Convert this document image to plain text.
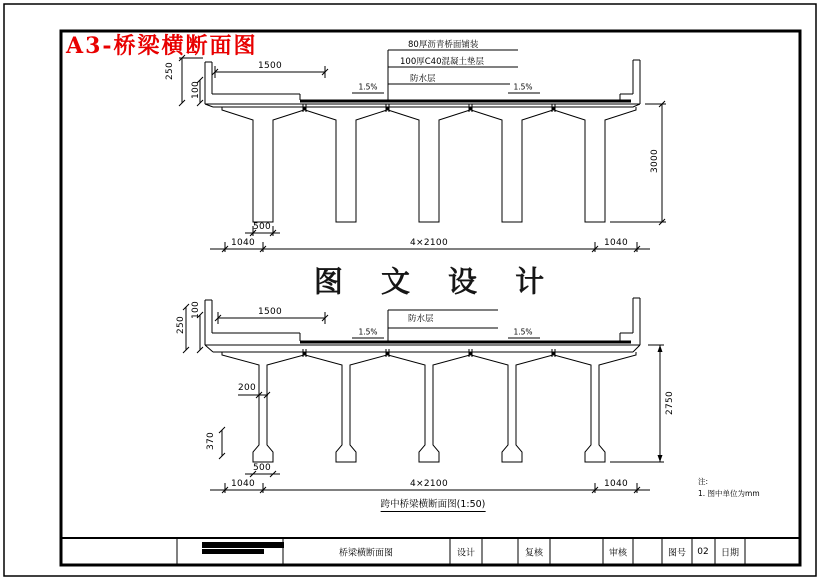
A3-桥梁横断面图
图 文 设 计
80厚沥青桥面铺装
100厚C40混凝土垫层
防水层
1.5%	1.5%
250
100
1500
3000
500
1040	4×2100	1040
防水层
1.5%	1.5%
250
100	1500
200
370
500
2750
1040	4×2100	1040
跨中桥梁横断面图(1:50)
注:
1. 图中单位为mm
桥梁横断面图	设计	复核	审核	图号 02 日期
